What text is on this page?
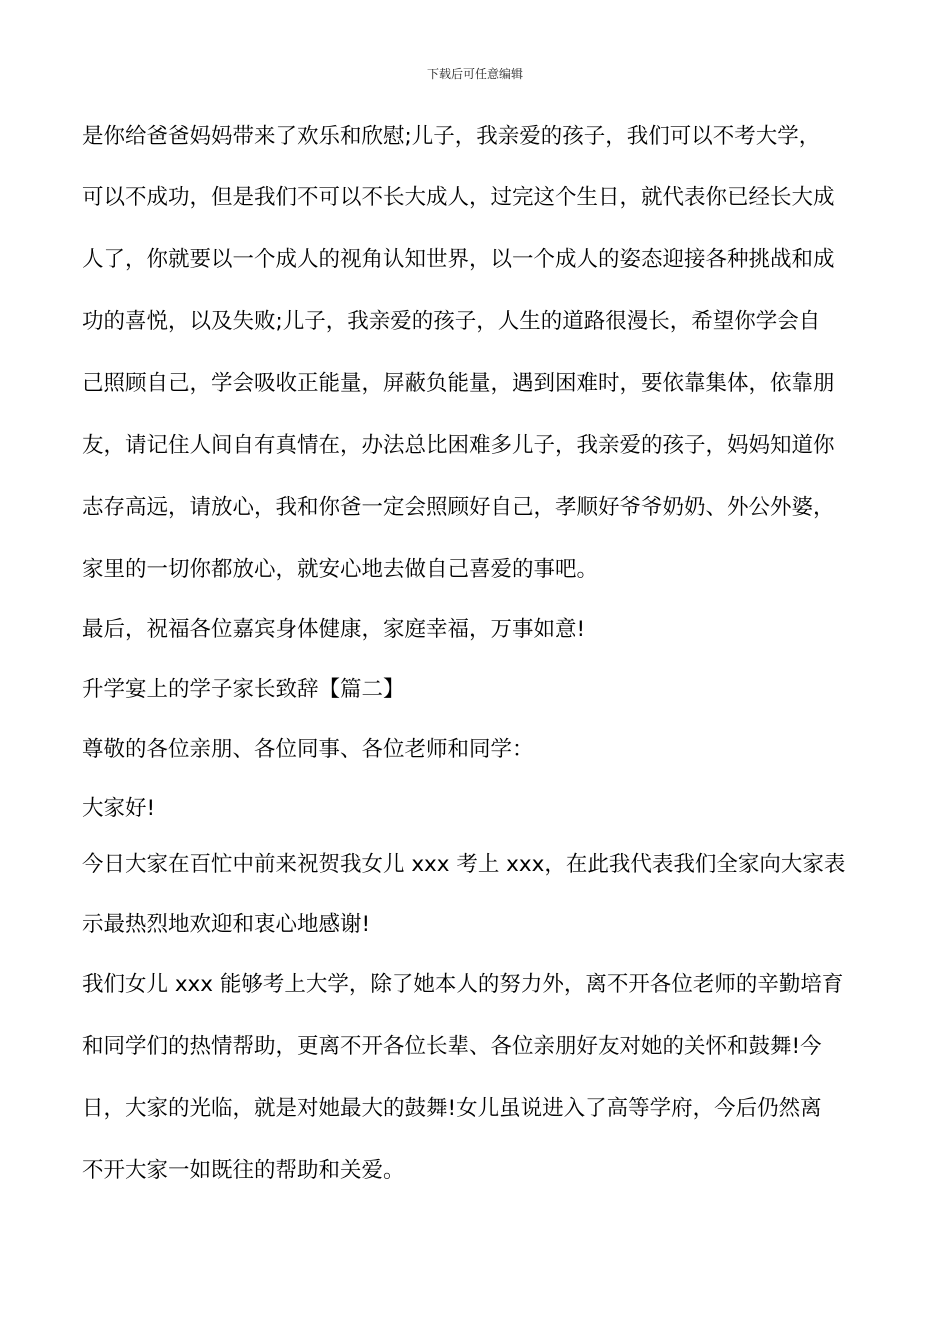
下载后可任意编辑
是你给爸爸妈妈带来了欢乐和欣慰;儿子，我亲爱的孩子，我们可以不考大学，
可以不成功，但是我们不可以不长大成人，过完这个生日，就代表你已经长大成
人了，你就要以一个成人的视角认知世界，以一个成人的姿态迎接各种挑战和成
功的喜悦，以及失败;儿子，我亲爱的孩子，人生的道路很漫长，希望你学会自
己照顾自己，学会吸收正能量，屏蔽负能量，遇到困难时，要依靠集体，依靠朋
友，请记住人间自有真情在，办法总比困难多儿子，我亲爱的孩子，妈妈知道你
志存高远，请放心，我和你爸一定会照顾好自己，孝顺好爷爷奶奶、外公外婆，
家里的一切你都放心，就安心地去做自己喜爱的事吧。
最后，祝福各位嘉宾身体健康，家庭幸福，万事如意!
升学宴上的学子家长致辞【篇二】
尊敬的各位亲朋、各位同事、各位老师和同学：
大家好!
今日大家在百忙中前来祝贺我女儿 xxx 考上 xxx，在此我代表我们全家向大家表
示最热烈地欢迎和衷心地感谢!
我们女儿 xxx 能够考上大学，除了她本人的努力外，离不开各位老师的辛勤培育
和同学们的热情帮助，更离不开各位长辈、各位亲朋好友对她的关怀和鼓舞!今
日，大家的光临，就是对她最大的鼓舞!女儿虽说进入了高等学府，今后仍然离
不开大家一如既往的帮助和关爱。
